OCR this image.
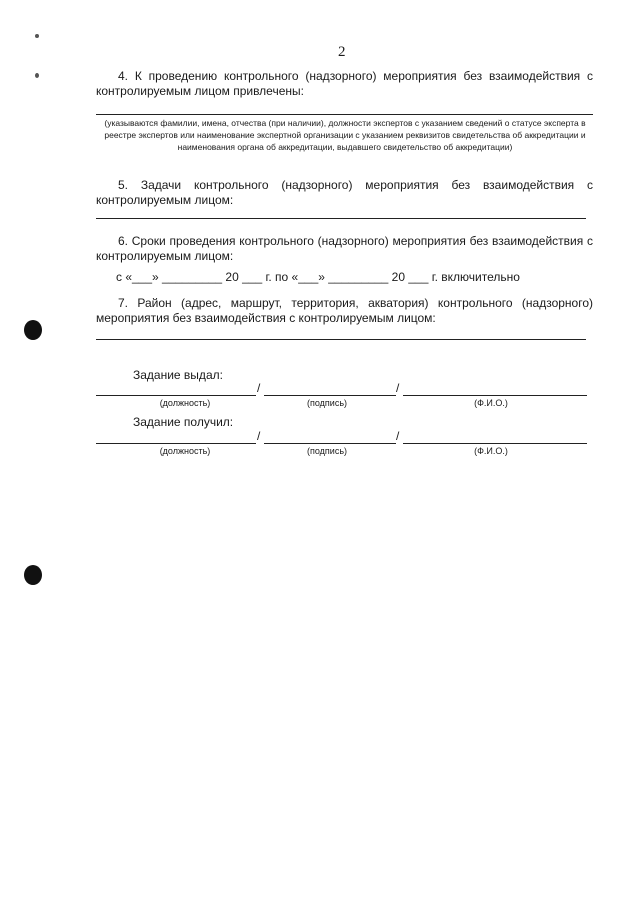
2
4. К проведению контрольного (надзорного) мероприятия без взаимодействия с контролируемым лицом привлечены:
(указываются фамилии, имена, отчества (при наличии), должности экспертов с указанием сведений о статусе эксперта в реестре экспертов или наименование экспертной организации с указанием реквизитов свидетельства об аккредитации и наименования органа об аккредитации, выдавшего свидетельство об аккредитации)
5. Задачи контрольного (надзорного) мероприятия без взаимодействия с
контролируемым лицом:
6. Сроки проведения контрольного (надзорного) мероприятия без взаимодействия с
контролируемым лицом:
с «___» _________ 20 ___ г. по «___» _________ 20 ___ г. включительно
7. Район (адрес, маршрут, территория, акватория) контрольного (надзорного)
мероприятия без взаимодействия с контролируемым лицом:
Задание выдал:
/	/
(должность)	(подпись)	(Ф.И.О.)
Задание получил:
/	/
(должность)	(подпись)	(Ф.И.О.)
